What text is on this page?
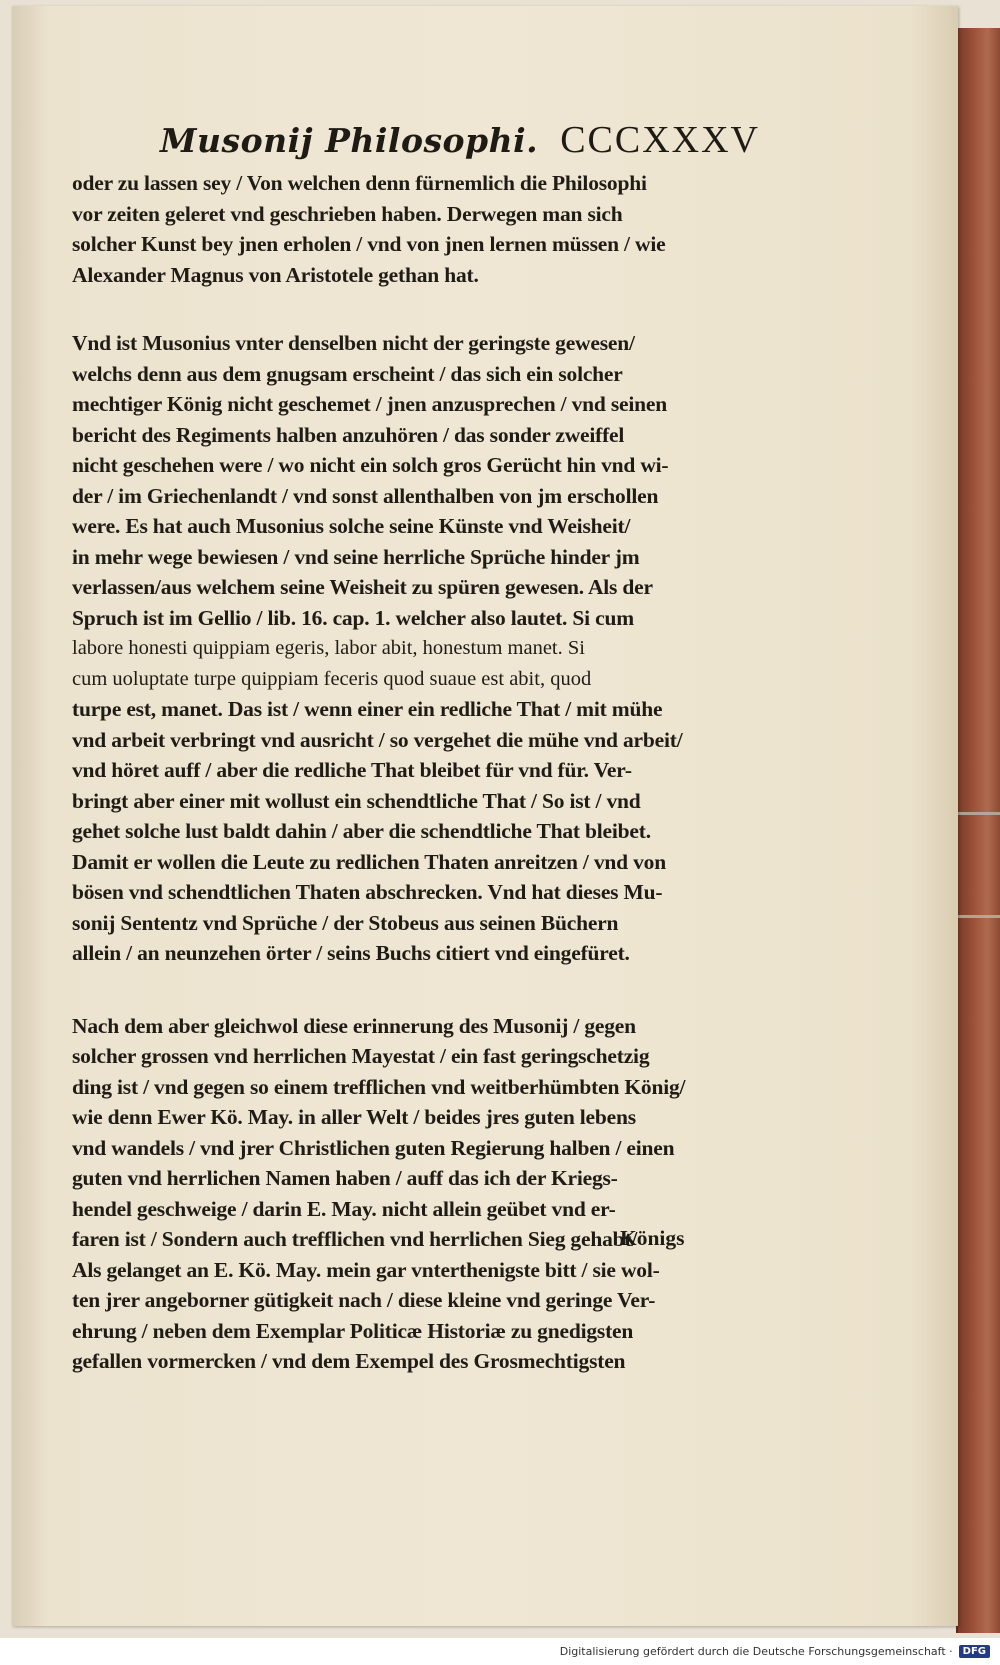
Musonij Philosophi. CCCXXXV
oder zu lassen sey / Von welchen denn fürnemlich die Philosophi
vor zeiten geleret vnd geschrieben haben. Derwegen man sich
solcher Kunst bey jnen erholen / vnd von jnen lernen müssen / wie
Alexander Magnus von Aristotele gethan hat.
Vnd ist Musonius vnter denselben nicht der geringste gewesen/
welchs denn aus dem gnugsam erscheint / das sich ein solcher
mechtiger König nicht geschemet / jnen anzusprechen / vnd seinen
bericht des Regiments halben anzuhören / das sonder zweiffel
nicht geschehen were / wo nicht ein solch gros Gerücht hin vnd wi-
der / im Griechenlandt / vnd sonst allenthalben von jm erschollen
were. Es hat auch Musonius solche seine Künste vnd Weisheit/
in mehr wege bewiesen / vnd seine herrliche Sprüche hinder jm
verlassen/aus welchem seine Weisheit zu spüren gewesen. Als der
Spruch ist im Gellio / lib. 16. cap. 1. welcher also lautet. Si cum
labore honesti quippiam egeris, labor abit, honestum manet. Si
cum uoluptate turpe quippiam feceris quod suaue est abit, quod
turpe est, manet. Das ist / wenn einer ein redliche That / mit mühe
vnd arbeit verbringt vnd ausricht / so vergehet die mühe vnd arbeit/
vnd höret auff / aber die redliche That bleibet für vnd für. Ver-
bringt aber einer mit wollust ein schendtliche That / So ist / vnd
gehet solche lust baldt dahin / aber die schendtliche That bleibet.
Damit er wollen die Leute zu redlichen Thaten anreitzen / vnd von
bösen vnd schendtlichen Thaten abschrecken. Vnd hat dieses Mu-
sonij Sententz vnd Sprüche / der Stobeus aus seinen Büchern
allein / an neunzehen örter / seins Buchs citiert vnd eingefüret.
Nach dem aber gleichwol diese erinnerung des Musonij / gegen
solcher grossen vnd herrlichen Mayestat / ein fast geringschetzig
ding ist / vnd gegen so einem trefflichen vnd weitberhümbten König/
wie denn Ewer Kö. May. in aller Welt / beides jres guten lebens
vnd wandels / vnd jrer Christlichen guten Regierung halben / einen
guten vnd herrlichen Namen haben / auff das ich der Kriegs-
hendel geschweige / darin E. May. nicht allein geübet vnd er-
faren ist / Sondern auch trefflichen vnd herrlichen Sieg gehabt/
Als gelanget an E. Kö. May. mein gar vnterthenigste bitt / sie wol-
ten jrer angeborner gütigkeit nach / diese kleine vnd geringe Ver-
ehrung / neben dem Exemplar Politicæ Historiæ zu gnedigsten
gefallen vormercken / vnd dem Exempel des Grosmechtigsten
Königs
Digitalisierung gefördert durch die Deutsche Forschungsgemeinschaft ·	DFG
